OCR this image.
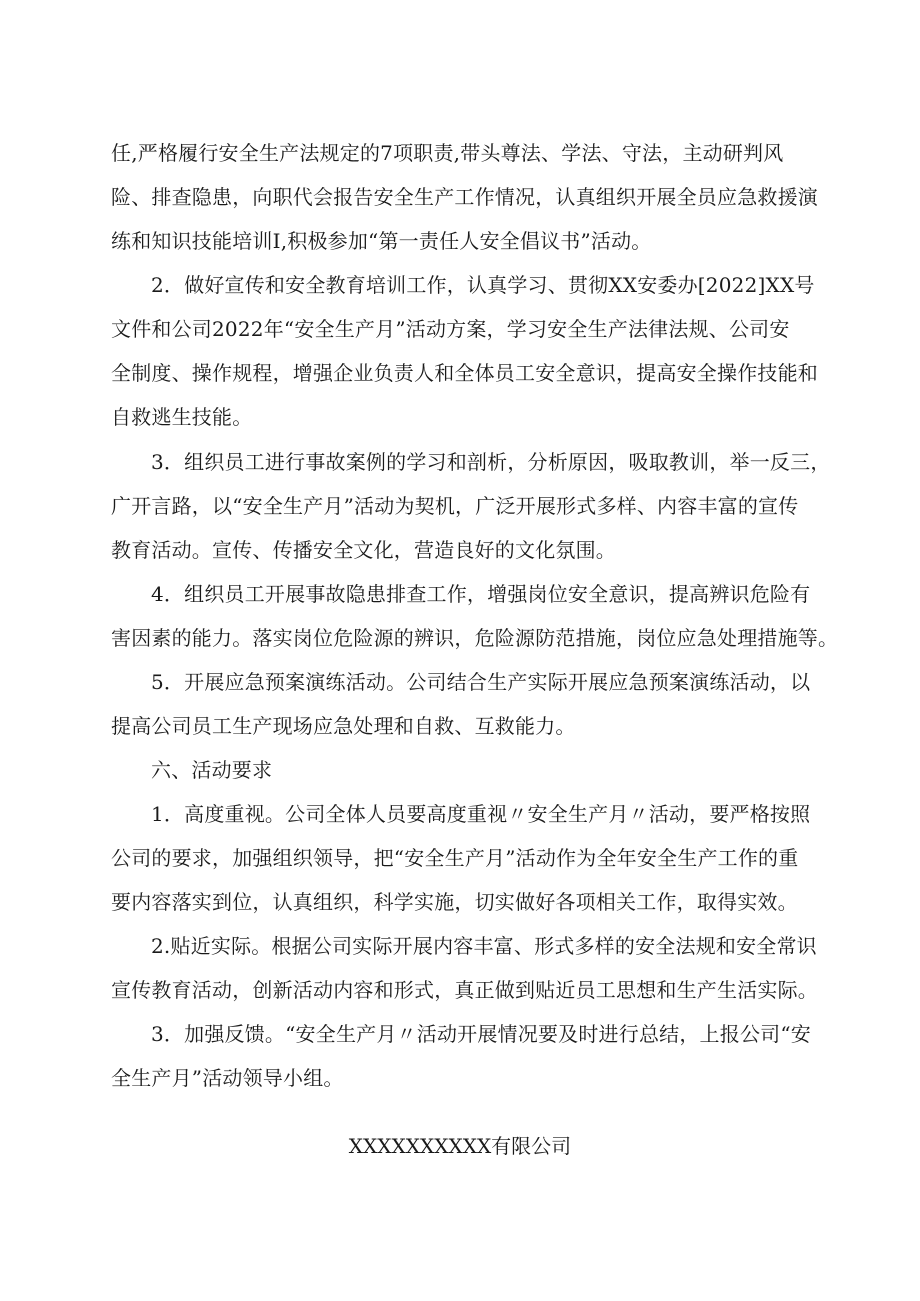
任,严格履行安全生产法规定的7项职责,带头尊法、学法、守法，主动研判风
险、排查隐患，向职代会报告安全生产工作情况，认真组织开展全员应急救援演
练和知识技能培训I,积极参加“第一责任人安全倡议书”活动。
2．做好宣传和安全教育培训工作，认真学习、贯彻XX安委办[2022]XX号
文件和公司2022年“安全生产月”活动方案，学习安全生产法律法规、公司安
全制度、操作规程，增强企业负责人和全体员工安全意识，提高安全操作技能和
自救逃生技能。
3．组织员工进行事故案例的学习和剖析，分析原因，吸取教训，举一反三，
广开言路，以“安全生产月”活动为契机，广泛开展形式多样、内容丰富的宣传
教育活动。宣传、传播安全文化，营造良好的文化氛围。
4．组织员工开展事故隐患排查工作，增强岗位安全意识，提高辨识危险有
害因素的能力。落实岗位危险源的辨识，危险源防范措施，岗位应急处理措施等。
5．开展应急预案演练活动。公司结合生产实际开展应急预案演练活动，以
提高公司员工生产现场应急处理和自救、互救能力。
六、活动要求
1．高度重视。公司全体人员要高度重视〃安全生产月〃活动，要严格按照
公司的要求，加强组织领导，把“安全生产月”活动作为全年安全生产工作的重
要内容落实到位，认真组织，科学实施，切实做好各项相关工作，取得实效。
2.贴近实际。根据公司实际开展内容丰富、形式多样的安全法规和安全常识
宣传教育活动，创新活动内容和形式，真正做到贴近员工思想和生产生活实际。
3．加强反馈。“安全生产月〃活动开展情况要及时进行总结，上报公司“安
全生产月”活动领导小组。
XXXXXXXXXX有限公司
